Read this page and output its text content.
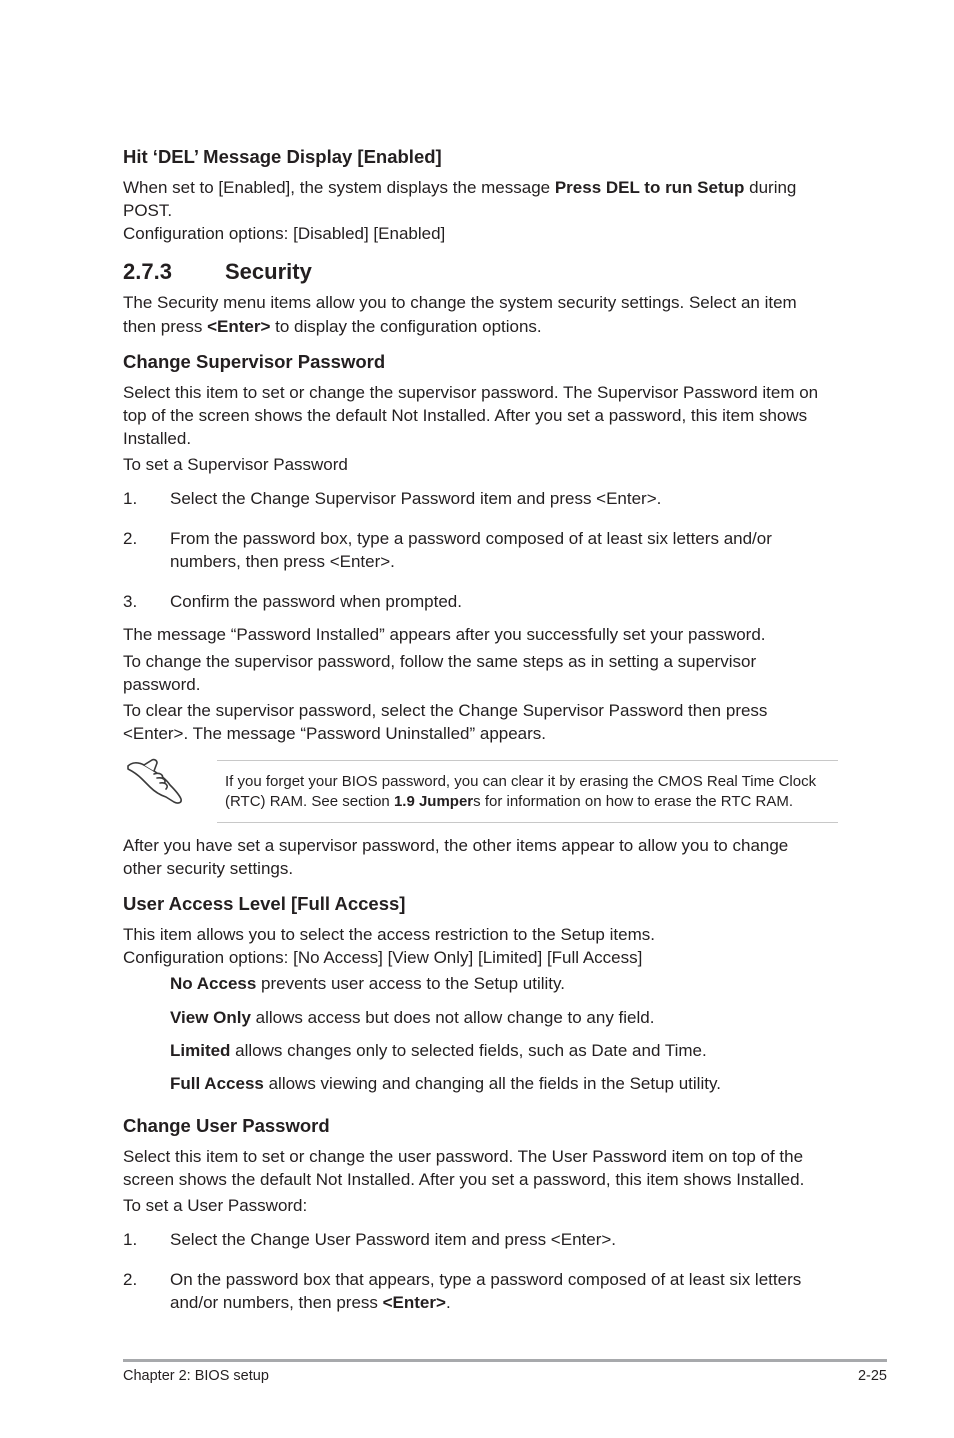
Hit ‘DEL’ Message Display [Enabled]
When set to [Enabled], the system displays the message Press DEL to run Setup during
POST.
Configuration options: [Disabled] [Enabled]
2.7.3 Security
The Security menu items allow you to change the system security settings. Select an item
then press <Enter> to display the configuration options.
Change Supervisor Password
Select this item to set or change the supervisor password. The Supervisor Password item on
top of the screen shows the default Not Installed. After you set a password, this item shows
Installed.
To set a Supervisor Password
1. Select the Change Supervisor Password item and press <Enter>.
2. From the password box, type a password composed of at least six letters and/or
numbers, then press <Enter>.
3. Confirm the password when prompted.
The message “Password Installed” appears after you successfully set your password.
To change the supervisor password, follow the same steps as in setting a supervisor
password.
To clear the supervisor password, select the Change Supervisor Password then press
<Enter>. The message “Password Uninstalled” appears.
If you forget your BIOS password, you can clear it by erasing the CMOS Real Time Clock
(RTC) RAM. See section 1.9 Jumpers for information on how to erase the RTC RAM.
After you have set a supervisor password, the other items appear to allow you to change
other security settings.
User Access Level [Full Access]
This item allows you to select the access restriction to the Setup items.
Configuration options: [No Access] [View Only] [Limited] [Full Access]
No Access prevents user access to the Setup utility.
View Only allows access but does not allow change to any field.
Limited allows changes only to selected fields, such as Date and Time.
Full Access allows viewing and changing all the fields in the Setup utility.
Change User Password
Select this item to set or change the user password. The User Password item on top of the
screen shows the default Not Installed. After you set a password, this item shows Installed.
To set a User Password:
1. Select the Change User Password item and press <Enter>.
2. On the password box that appears, type a password composed of at least six letters
and/or numbers, then press <Enter>.
Chapter 2: BIOS setup	2-25
